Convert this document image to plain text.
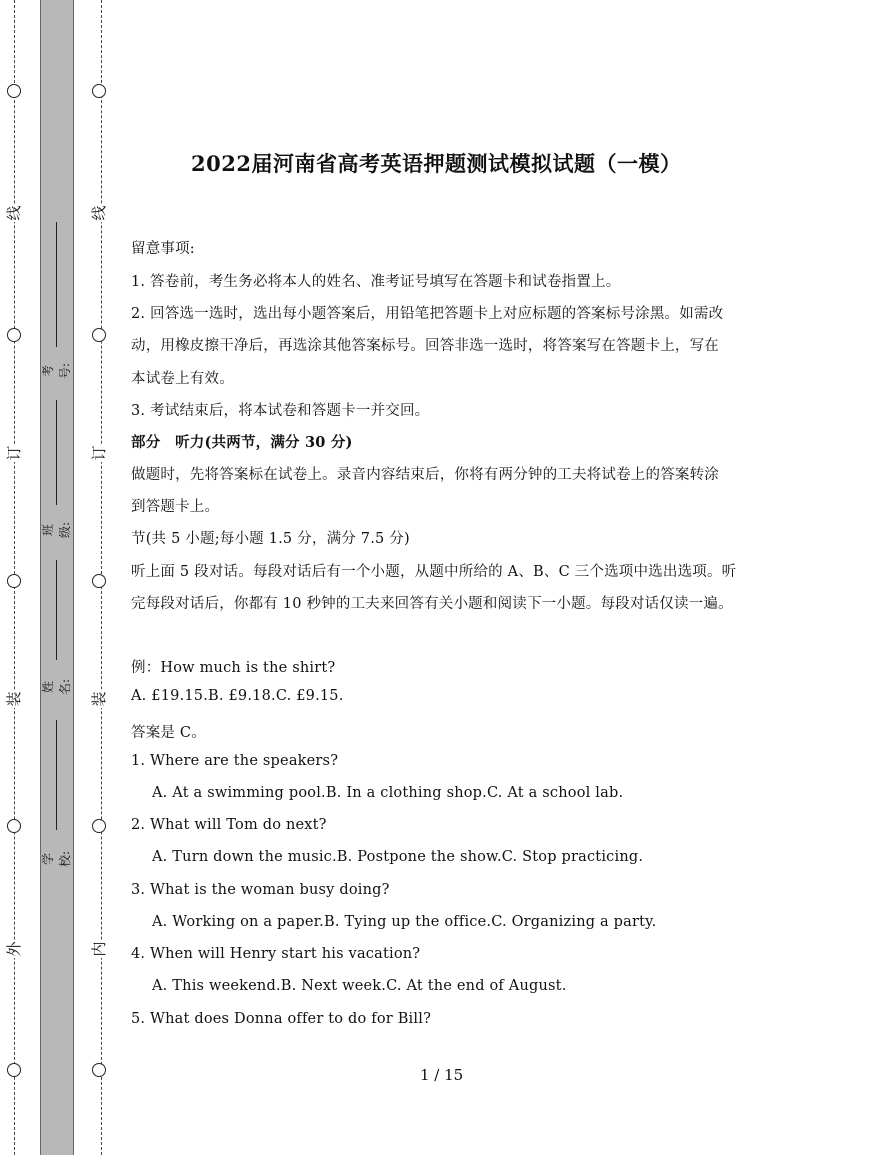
线
订
装
外
线
订
装
内
考号:
班级:
姓名:
学校:
2022届河南省高考英语押题测试模拟试题（一模）
留意事项:
1. 答卷前，考生务必将本人的姓名、准考证号填写在答题卡和试卷指置上。
2. 回答选一选时，选出每小题答案后，用铅笔把答题卡上对应标题的答案标号涂黑。如需改
动，用橡皮擦干净后，再选涂其他答案标号。回答非选一选时，将答案写在答题卡上，写在
本试卷上有效。
3. 考试结束后，将本试卷和答题卡一并交回。
部分　听力(共两节，满分 30 分)
做题时，先将答案标在试卷上。录音内容结束后，你将有两分钟的工夫将试卷上的答案转涂
到答题卡上。
节(共 5 小题;每小题 1.5 分，满分 7.5 分)
听上面 5 段对话。每段对话后有一个小题，从题中所给的 A、B、C 三个选项中选出选项。听
完每段对话后，你都有 10 秒钟的工夫来回答有关小题和阅读下一小题。每段对话仅读一遍。
例：How much is the shirt?
A. £19.15.B. £9.18.C. £9.15.
答案是 C。
1. Where are the speakers?
A. At a swimming pool.B. In a clothing shop.C. At a school lab.
2. What will Tom do next?
A. Turn down the music.B. Postpone the show.C. Stop practicing.
3. What is the woman busy doing?
A. Working on a paper.B. Tying up the office.C. Organizing a party.
4. When will Henry start his vacation?
A. This weekend.B. Next week.C. At the end of August.
5. What does Donna offer to do for Bill?
1 / 15
